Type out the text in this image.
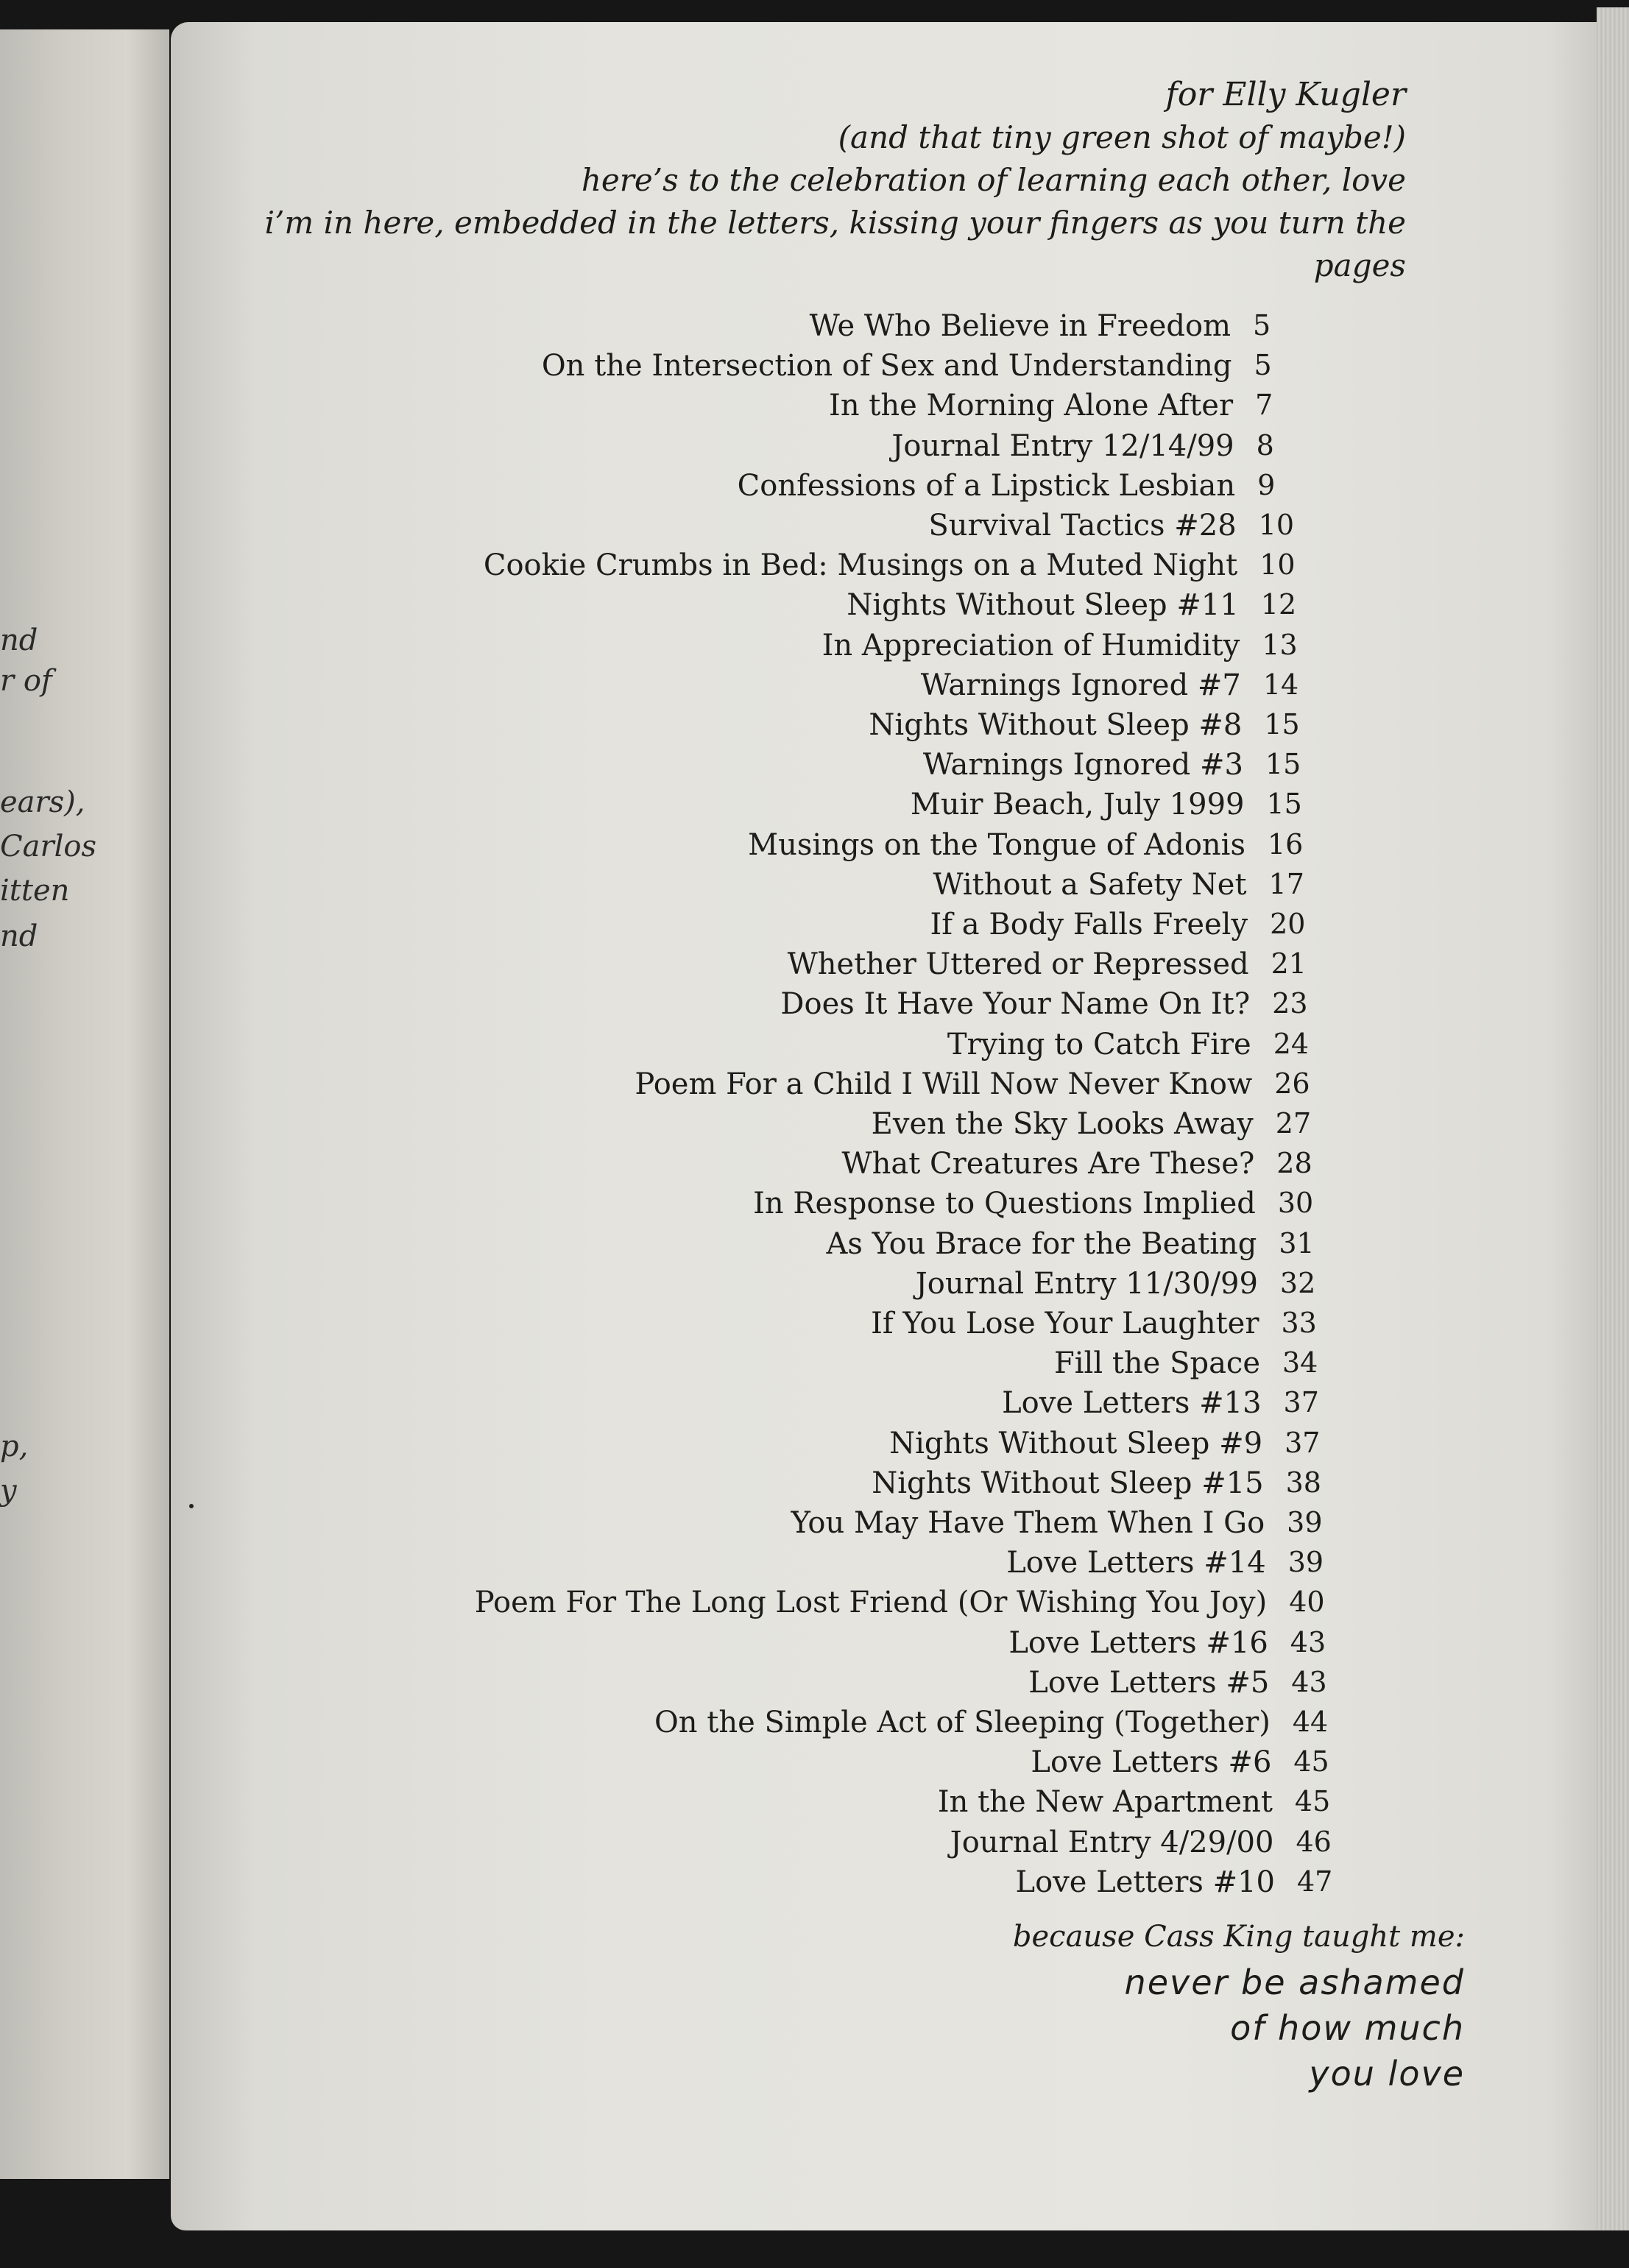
nd
r of
ears),
Carlos
itten
nd
p,
y
for Elly Kugler
(and that tiny green shot of maybe!)
here’s to the celebration of learning each other, love
i’m in here, embedded in the letters, kissing your fingers as you turn the pages
We Who Believe in Freedom 5
On the Intersection of Sex and Understanding 5
In the Morning Alone After 7
Journal Entry 12/14/99 8
Confessions of a Lipstick Lesbian 9
Survival Tactics #28 10
Cookie Crumbs in Bed: Musings on a Muted Night 10
Nights Without Sleep #11 12
In Appreciation of Humidity 13
Warnings Ignored #7 14
Nights Without Sleep #8 15
Warnings Ignored #3 15
Muir Beach, July 1999 15
Musings on the Tongue of Adonis 16
Without a Safety Net 17
If a Body Falls Freely 20
Whether Uttered or Repressed 21
Does It Have Your Name On It? 23
Trying to Catch Fire 24
Poem For a Child I Will Now Never Know 26
Even the Sky Looks Away 27
What Creatures Are These? 28
In Response to Questions Implied 30
As You Brace for the Beating 31
Journal Entry 11/30/99 32
If You Lose Your Laughter 33
Fill the Space 34
Love Letters #13 37
Nights Without Sleep #9 37
Nights Without Sleep #15 38
You May Have Them When I Go 39
Love Letters #14 39
Poem For The Long Lost Friend (Or Wishing You Joy) 40
Love Letters #16 43
Love Letters #5 43
On the Simple Act of Sleeping (Together) 44
Love Letters #6 45
In the New Apartment 45
Journal Entry 4/29/00 46
Love Letters #10 47
because Cass King taught me:
never be ashamed
of how much
you love
